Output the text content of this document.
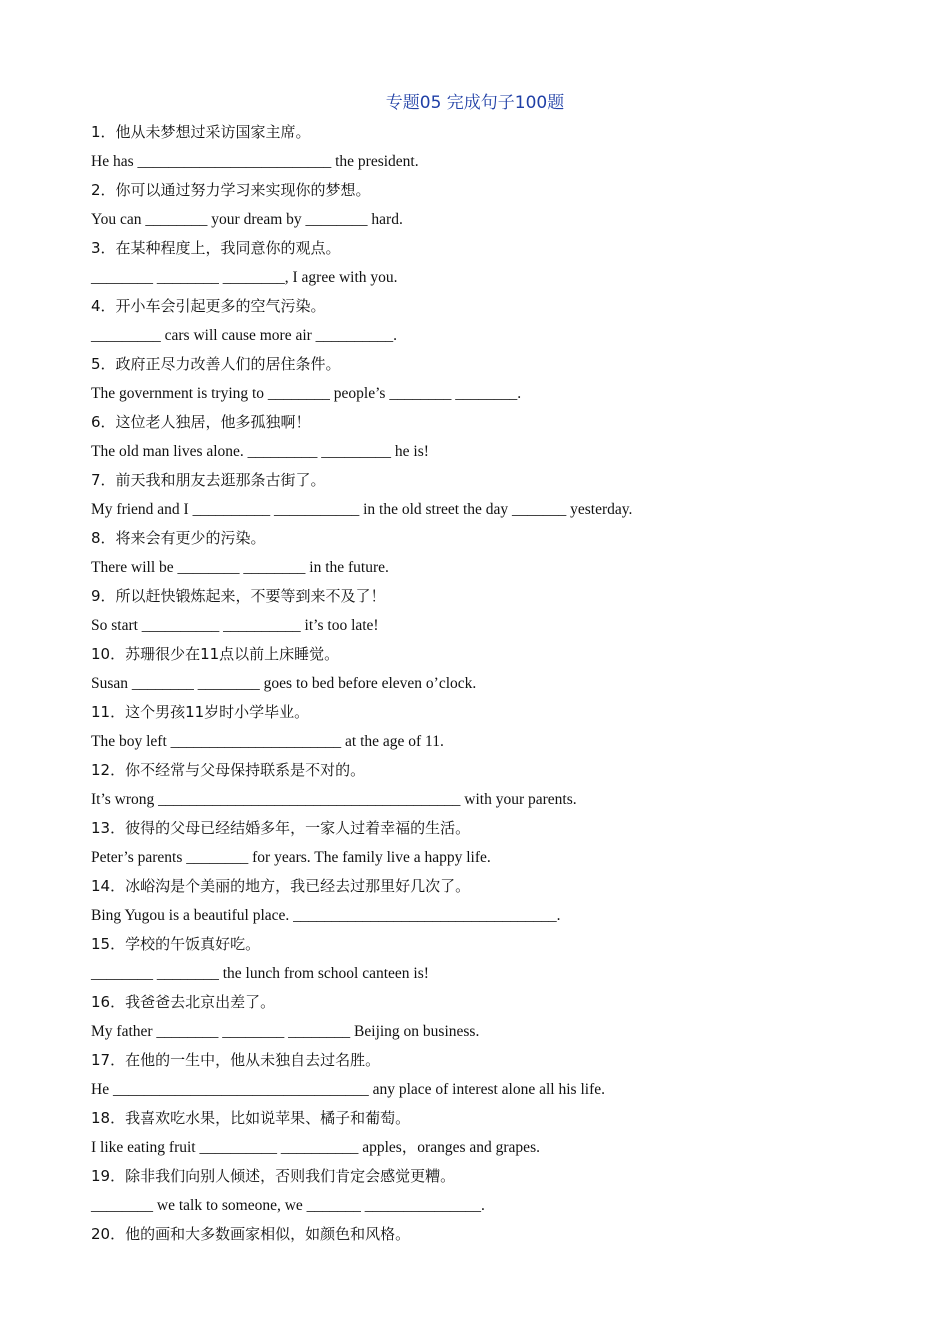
专题05 完成句子100题
1．他从未梦想过采访国家主席。
He has _________________________ the president.
2．你可以通过努力学习来实现你的梦想。
You can ________ your dream by ________ hard.
3．在某种程度上，我同意你的观点。
________ ________ ________, I agree with you.
4．开小车会引起更多的空气污染。
_________ cars will cause more air __________.
5．政府正尽力改善人们的居住条件。
The government is trying to ________ people’s ________ ________.
6．这位老人独居，他多孤独啊！
The old man lives alone. _________ _________ he is!
7．前天我和朋友去逛那条古街了。
My friend and I __________ ___________ in the old street the day _______ yesterday.
8．将来会有更少的污染。
There will be ________ ________ in the future.
9．所以赶快锻炼起来，不要等到来不及了！
So start __________ __________ it’s too late!
10．苏珊很少在11点以前上床睡觉。
Susan ________ ________ goes to bed before eleven o’clock.
11．这个男孩11岁时小学毕业。
The boy left ______________________ at the age of 11.
12．你不经常与父母保持联系是不对的。
It’s wrong _______________________________________ with your parents.
13．彼得的父母已经结婚多年，一家人过着幸福的生活。
Peter’s parents ________ for years. The family live a happy life.
14．冰峪沟是个美丽的地方，我已经去过那里好几次了。
Bing Yugou is a beautiful place. __________________________________.
15．学校的午饭真好吃。
________ ________ the lunch from school canteen is!
16．我爸爸去北京出差了。
My father ________ ________ ________ Beijing on business.
17．在他的一生中，他从未独自去过名胜。
He _________________________________ any place of interest alone all his life.
18．我喜欢吃水果，比如说苹果、橘子和葡萄。
I like eating fruit __________ __________ apples，oranges and grapes.
19．除非我们向别人倾述，否则我们肯定会感觉更糟。
________ we talk to someone, we _______ _______________.
20．他的画和大多数画家相似，如颜色和风格。
